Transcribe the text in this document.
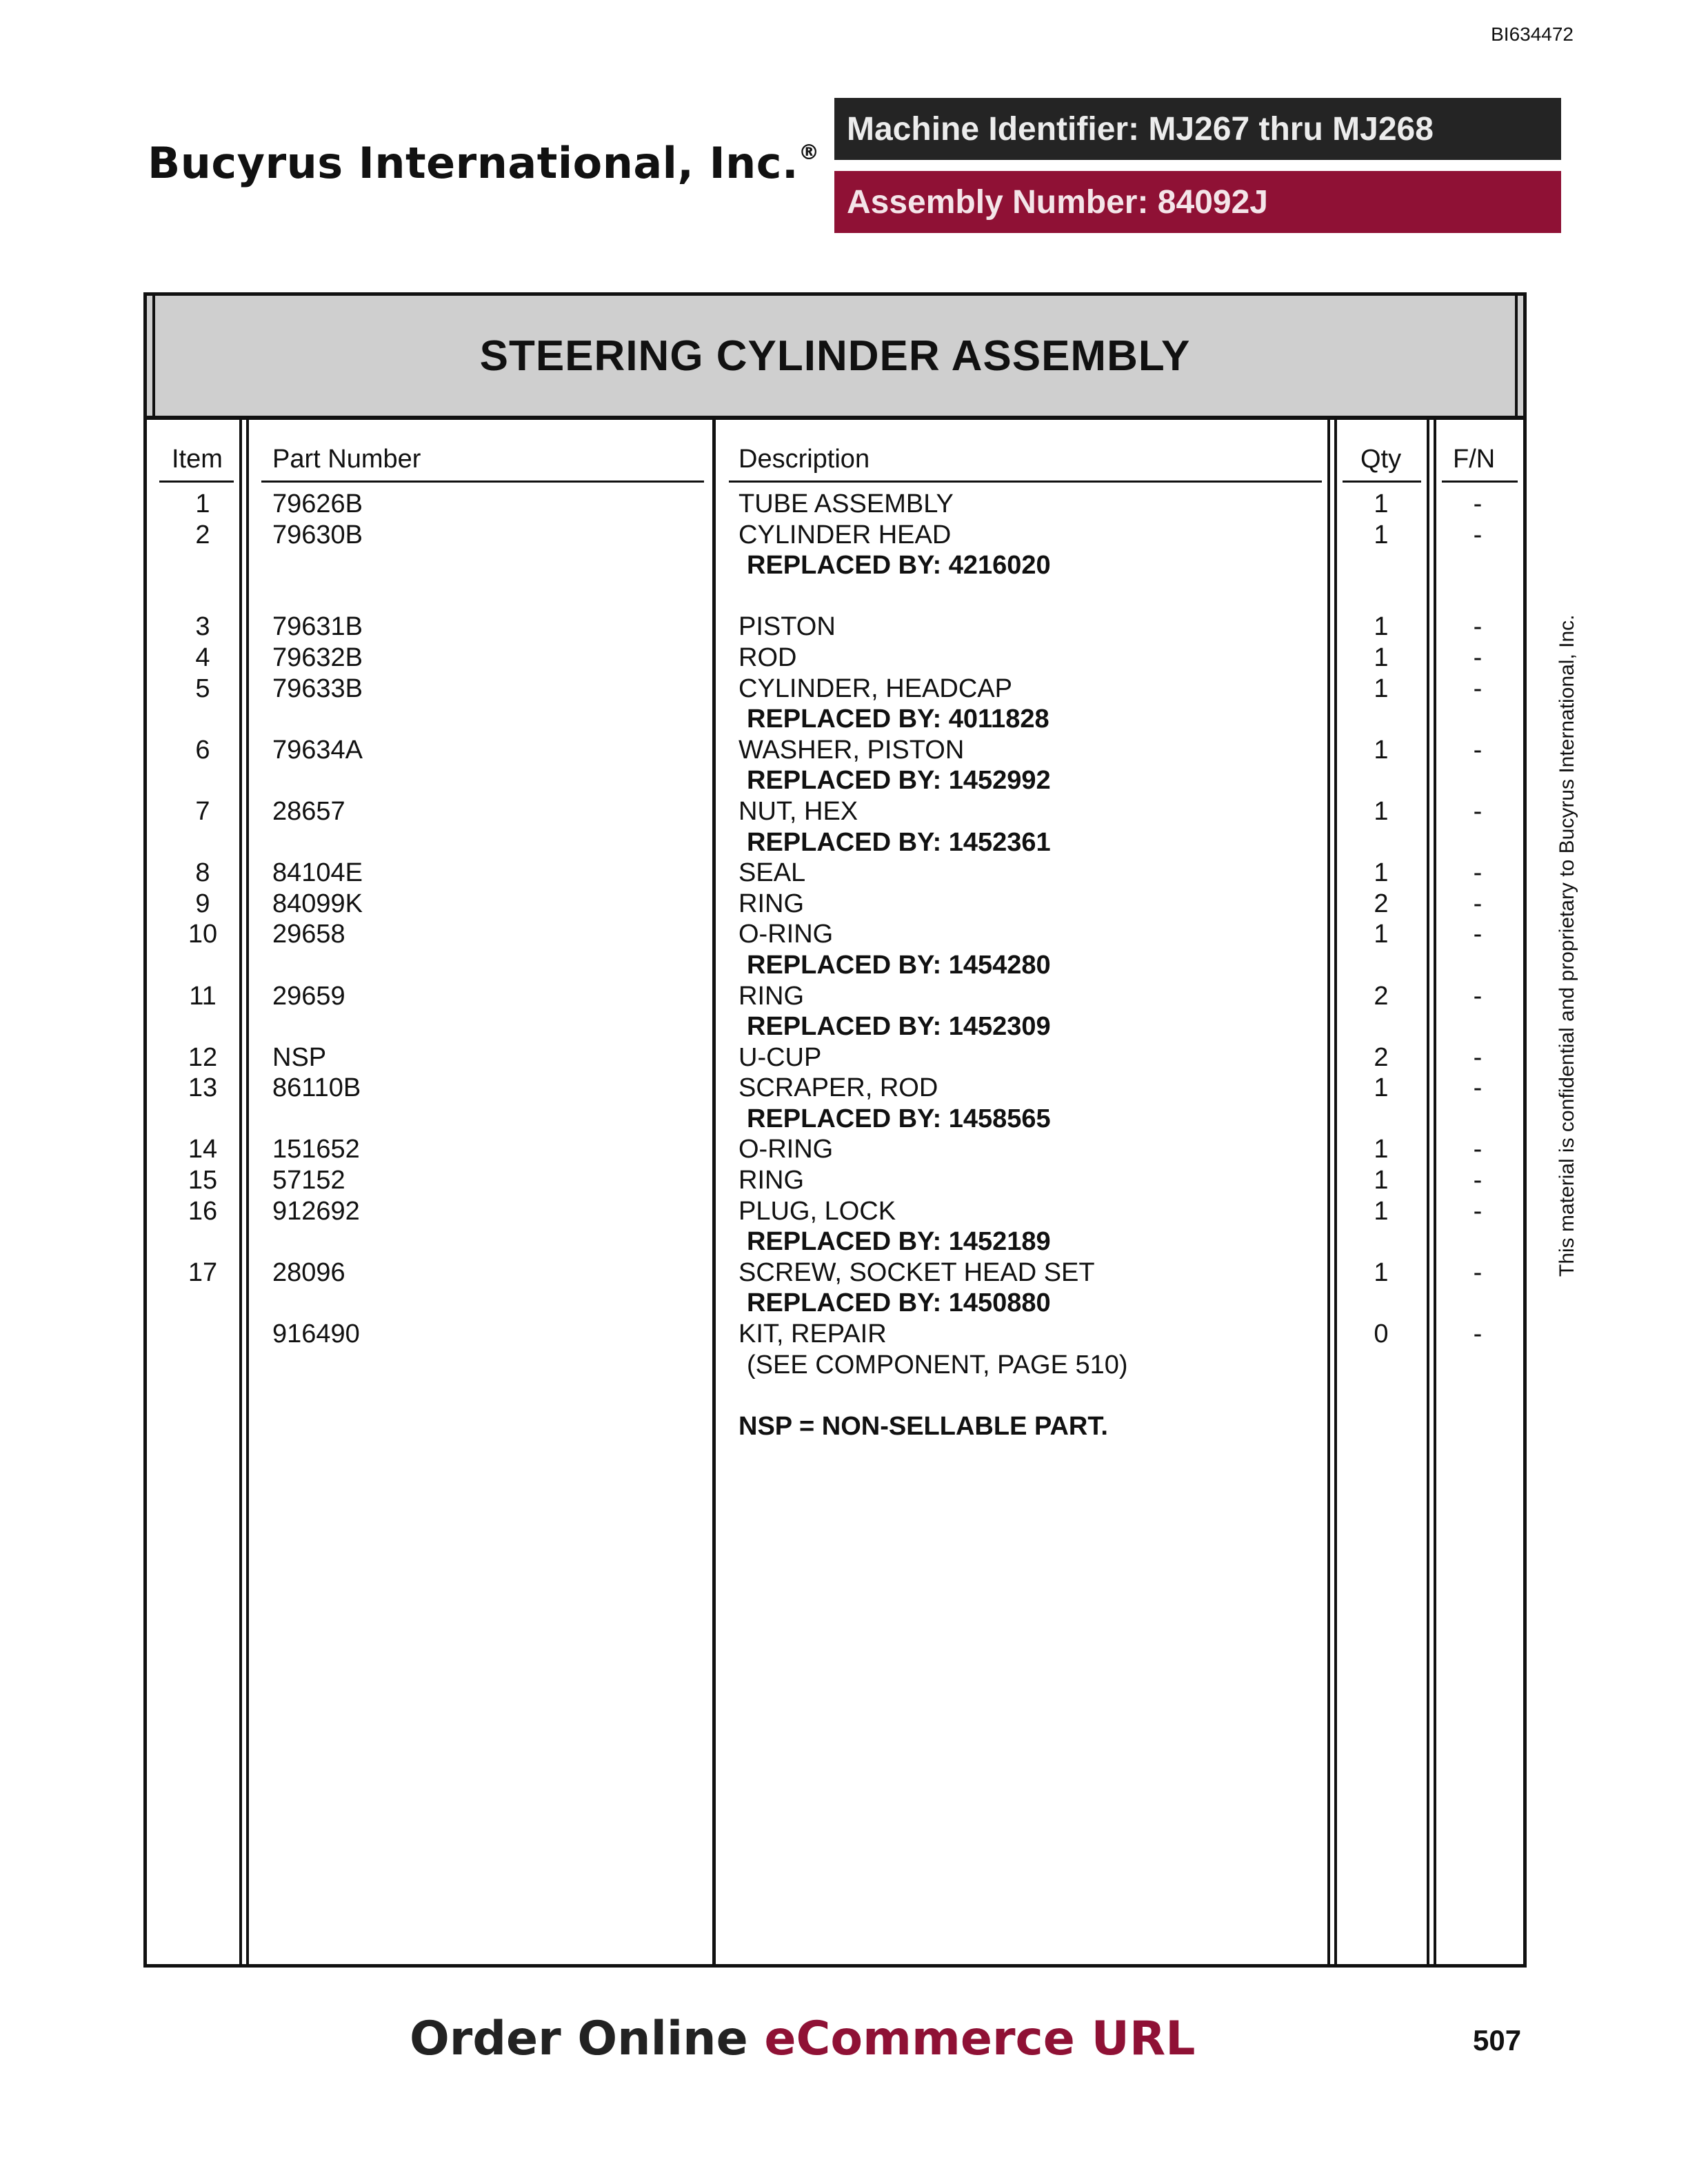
BI634472
Bucyrus International, Inc.®
Machine Identifier: MJ267 thru MJ268
Assembly Number: 84092J
STEERING CYLINDER ASSEMBLY
Item Part Number	Description	Qty F/N
1	79626B	TUBE ASSEMBLY	1	-
2	79630B	CYLINDER HEAD	1	-
REPLACED BY: 4216020
3	79631B	PISTON	1	-
4	79632B	ROD	1	-
5	79633B	CYLINDER, HEADCAP	1	-
REPLACED BY: 4011828
6	79634A	WASHER, PISTON	1	-
REPLACED BY: 1452992
7	28657	NUT, HEX	1	-
REPLACED BY: 1452361
8	84104E	SEAL	1	-
9	84099K	RING	2	-
10	29658	O-RING	1	-
REPLACED BY: 1454280
11	29659	RING	2	-
REPLACED BY: 1452309
12	NSP	U-CUP	2	-
13	86110B	SCRAPER, ROD	1	-
REPLACED BY: 1458565
14	151652	O-RING	1	-
15	57152	RING	1	-
16	912692	PLUG, LOCK	1	-
REPLACED BY: 1452189
17	28096	SCREW, SOCKET HEAD SET	1	-
REPLACED BY: 1450880
916490	KIT, REPAIR	0	-
(SEE COMPONENT, PAGE 510)
NSP = NON-SELLABLE PART.
This material is confidential and proprietary to Bucyrus International, Inc.
Order Online eCommerce URL	507
